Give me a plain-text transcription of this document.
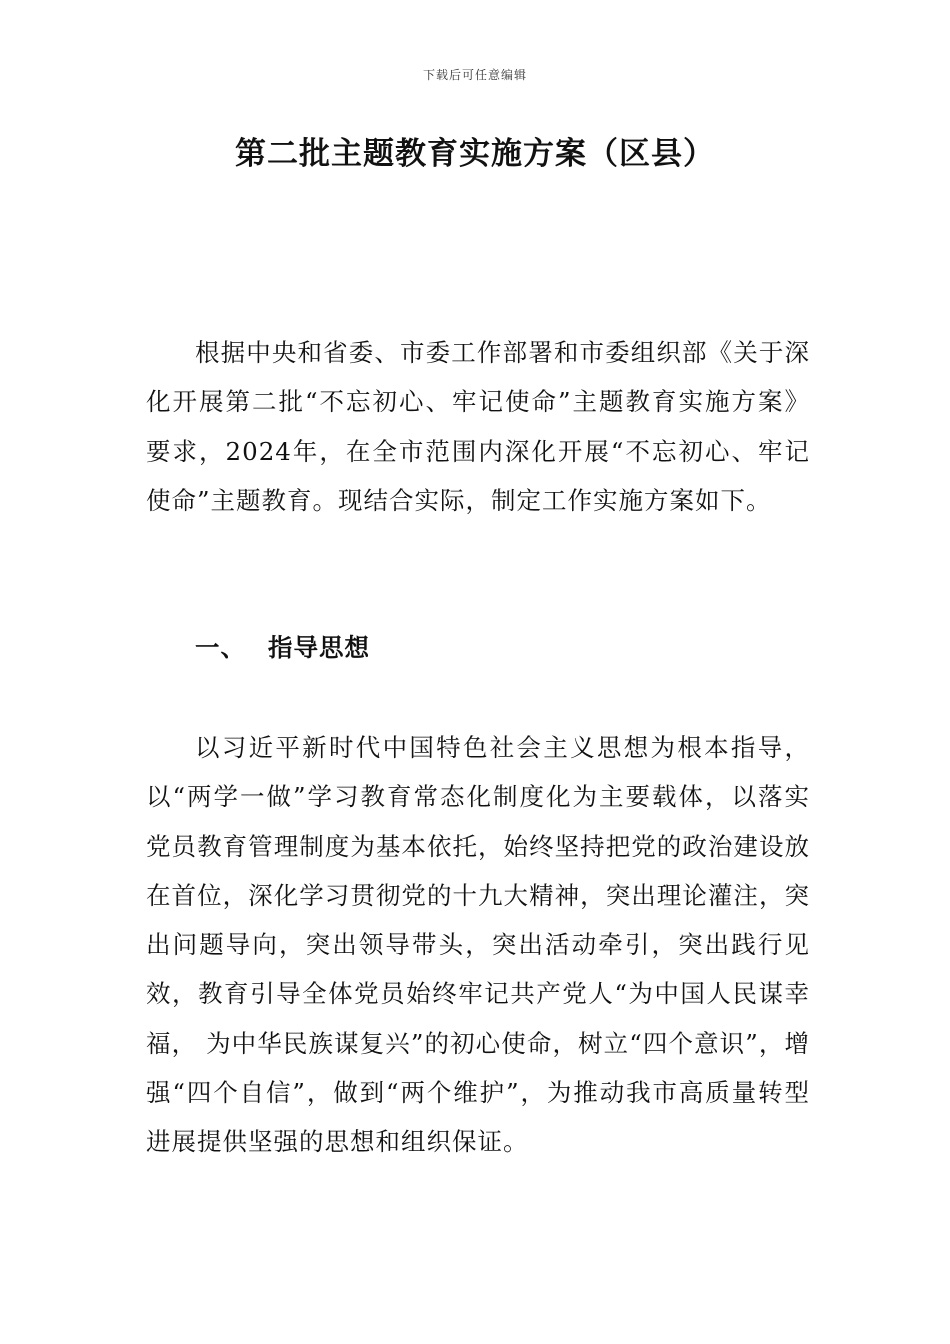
下载后可任意编辑
第二批主题教育实施方案（区县）

根据中央和省委、市委工作部署和市委组织部《关于深化开展第二批“不忘初心、牢记使命”主题教育实施方案》要求，2024年，在全市范围内深化开展“不忘初心、牢记使命”主题教育。现结合实际，制定工作实施方案如下。

一、 指导思想

以习近平新时代中国特色社会主义思想为根本指导，以“两学一做”学习教育常态化制度化为主要载体，以落实党员教育管理制度为基本依托，始终坚持把党的政治建设放在首位，深化学习贯彻党的十九大精神，突出理论灌注，突出问题导向，突出领导带头，突出活动牵引，突出践行见效，教育引导全体党员始终牢记共产党人“为中国人民谋幸福， 为中华民族谋复兴”的初心使命，树立“四个意识”，增强“四个自信”，做到“两个维护”，为推动我市高质量转型进展提供坚强的思想和组织保证。
